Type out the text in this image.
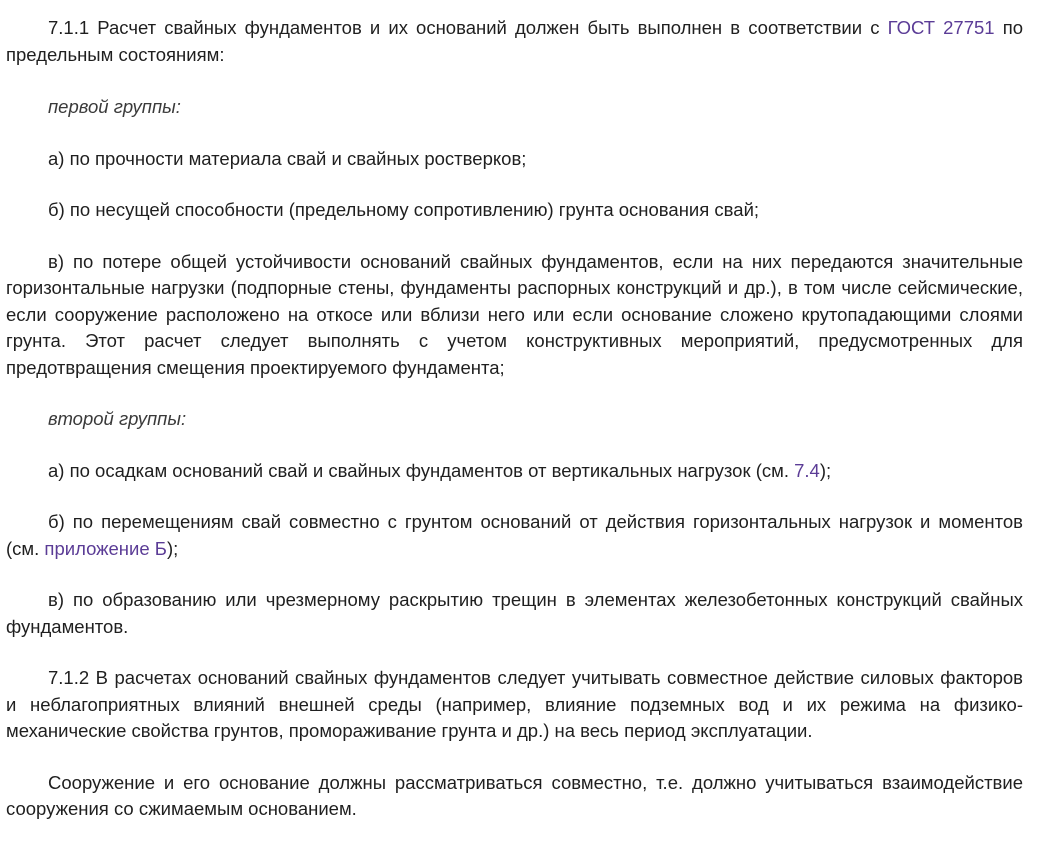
7.1.1 Расчет свайных фундаментов и их оснований должен быть выполнен в соответствии с ГОСТ 27751 по предельным состояниям:

первой группы:

а) по прочности материала свай и свайных ростверков;

б) по несущей способности (предельному сопротивлению) грунта основания свай;

в) по потере общей устойчивости оснований свайных фундаментов, если на них передаются значительные горизонтальные нагрузки (подпорные стены, фундаменты распорных конструкций и др.), в том числе сейсмические, если сооружение расположено на откосе или вблизи него или если основание сложено крутопадающими слоями грунта. Этот расчет следует выполнять с учетом конструктивных мероприятий, предусмотренных для предотвращения смещения проектируемого фундамента;

второй группы:

а) по осадкам оснований свай и свайных фундаментов от вертикальных нагрузок (см. 7.4);

б) по перемещениям свай совместно с грунтом оснований от действия горизонтальных нагрузок и моментов (см. приложение Б);

в) по образованию или чрезмерному раскрытию трещин в элементах железобетонных конструкций свайных фундаментов.

7.1.2 В расчетах оснований свайных фундаментов следует учитывать совместное действие силовых факторов и неблагоприятных влияний внешней среды (например, влияние подземных вод и их режима на физико-механические свойства грунтов, промораживание грунта и др.) на весь период эксплуатации.

Сооружение и его основание должны рассматриваться совместно, т.е. должно учитываться взаимодействие сооружения со сжимаемым основанием.
